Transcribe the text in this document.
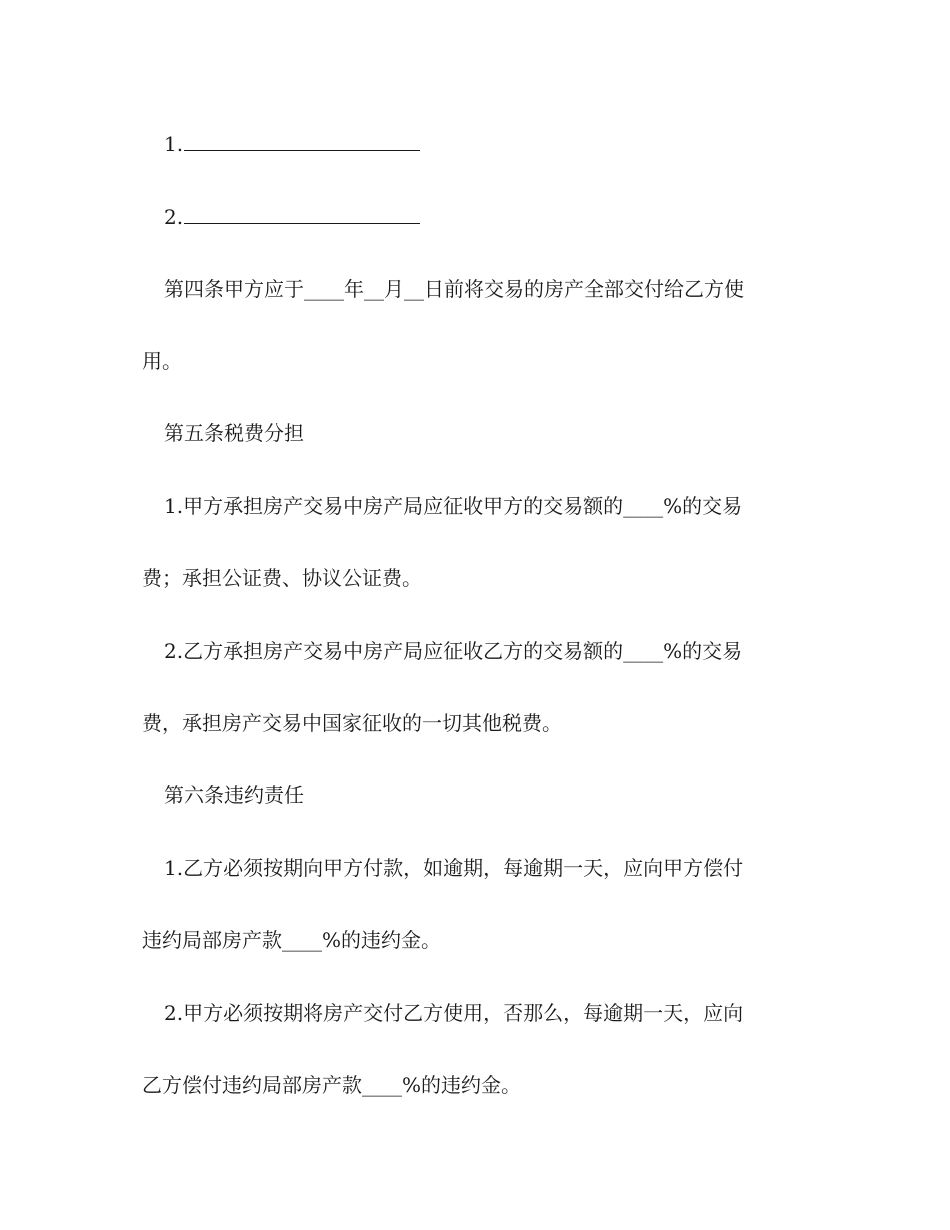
1.
2.
第四条甲方应于____年__月__日前将交易的房产全部交付给乙方使
用。
第五条税费分担
1.甲方承担房产交易中房产局应征收甲方的交易额的____%的交易
费；承担公证费、协议公证费。
2.乙方承担房产交易中房产局应征收乙方的交易额的____%的交易
费，承担房产交易中国家征收的一切其他税费。
第六条违约责任
1.乙方必须按期向甲方付款，如逾期，每逾期一天，应向甲方偿付
违约局部房产款____%的违约金。
2.甲方必须按期将房产交付乙方使用，否那么，每逾期一天，应向
乙方偿付违约局部房产款____%的违约金。
